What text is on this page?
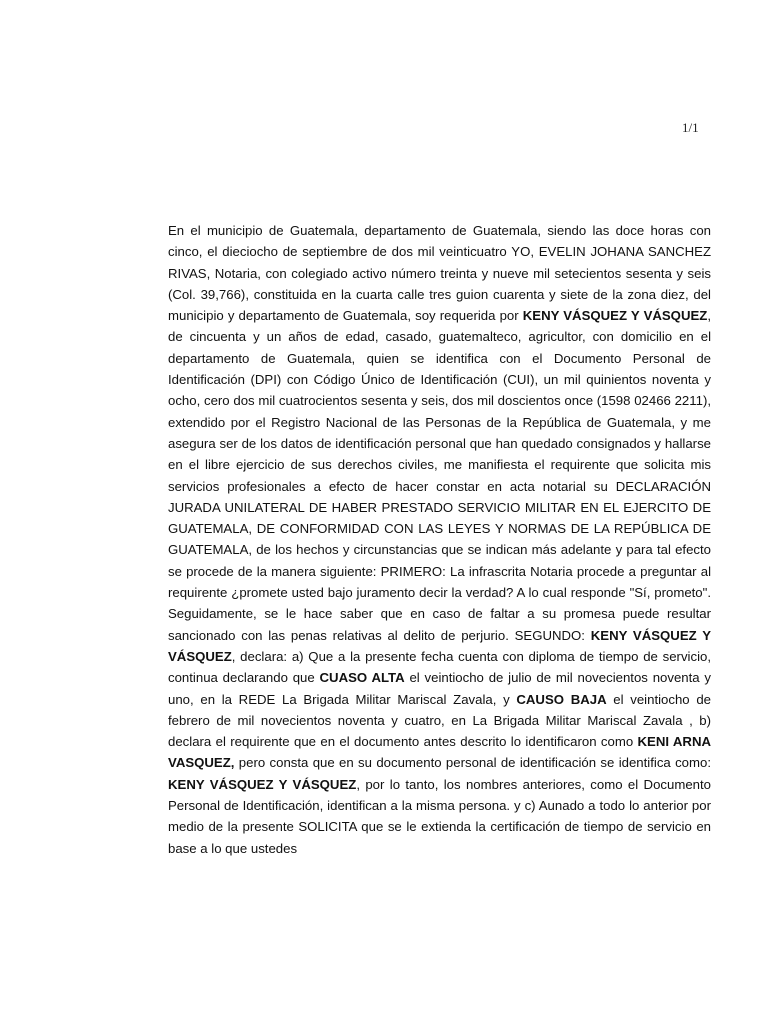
1/1

En el municipio de Guatemala, departamento de Guatemala, siendo las doce horas con cinco, el dieciocho de septiembre de dos mil veinticuatro YO, EVELIN JOHANA SANCHEZ RIVAS, Notaria, con colegiado activo número treinta y nueve mil setecientos sesenta y seis (Col. 39,766), constituida en la cuarta calle tres guion cuarenta y siete de la zona diez, del municipio y departamento de Guatemala, soy requerida por KENY VÁSQUEZ Y VÁSQUEZ, de cincuenta y un años de edad, casado, guatemalteco, agricultor, con domicilio en el departamento de Guatemala, quien se identifica con el Documento Personal de Identificación (DPI) con Código Único de Identificación (CUI), un mil quinientos noventa y ocho, cero dos mil cuatrocientos sesenta y seis, dos mil doscientos once (1598 02466 2211), extendido por el Registro Nacional de las Personas de la República de Guatemala, y me asegura ser de los datos de identificación personal que han quedado consignados y hallarse en el libre ejercicio de sus derechos civiles, me manifiesta el requirente que solicita mis servicios profesionales a efecto de hacer constar en acta notarial su DECLARACIÓN JURADA UNILATERAL DE HABER PRESTADO SERVICIO MILITAR EN EL EJERCITO DE GUATEMALA, DE CONFORMIDAD CON LAS LEYES Y NORMAS DE LA REPÚBLICA DE GUATEMALA, de los hechos y circunstancias que se indican más adelante y para tal efecto se procede de la manera siguiente: PRIMERO: La infrascrita Notaria procede a preguntar al requirente ¿promete usted bajo juramento decir la verdad? A lo cual responde "Sí, prometo". Seguidamente, se le hace saber que en caso de faltar a su promesa puede resultar sancionado con las penas relativas al delito de perjurio. SEGUNDO: KENY VÁSQUEZ Y VÁSQUEZ, declara: a) Que a la presente fecha cuenta con diploma de tiempo de servicio, continua declarando que CUASO ALTA el veintiocho de julio de mil novecientos noventa y uno, en la REDE La Brigada Militar Mariscal Zavala, y CAUSO BAJA el veintiocho de febrero de mil novecientos noventa y cuatro, en La Brigada Militar Mariscal Zavala , b) declara el requirente que en el documento antes descrito lo identificaron como KENI ARNA VASQUEZ, pero consta que en su documento personal de identificación se identifica como: KENY VÁSQUEZ Y VÁSQUEZ, por lo tanto, los nombres anteriores, como el Documento Personal de Identificación, identifican a la misma persona. y c) Aunado a todo lo anterior por medio de la presente SOLICITA que se le extienda la certificación de tiempo de servicio en base a lo que ustedes
